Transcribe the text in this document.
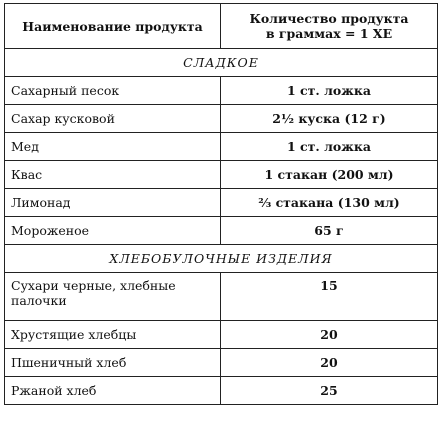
Наименование продукта	Количество продукта
в граммах = 1 ХЕ
СЛАДКОЕ	
Сахарный песок	1 ст. ложка
Сахар кусковой	2½ куска (12 г)
Мед	1 ст. ложка
Квас	1 стакан (200 мл)
Лимонад	⅔ стакана (130 мл)
Мороженое	65 г
ХЛЕБОБУЛОЧНЫЕ ИЗДЕЛИЯ	
Сухари черные, хлебные палочки	15
Хрустящие хлебцы	20
Пшеничный хлеб	20
Ржаной хлеб	25
